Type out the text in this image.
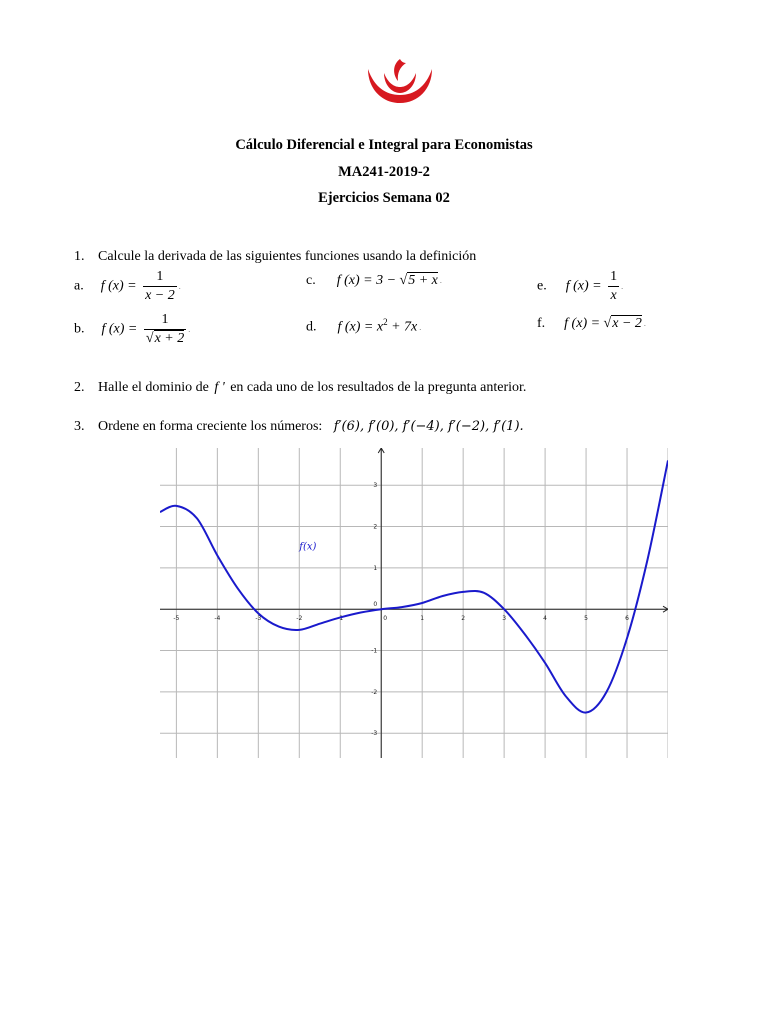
Cálculo Diferencial e Integral para Economistas
MA241-2019-2
Ejercicios Semana 02
1. Calcule la derivada de las siguientes funciones usando la definición
a. f $(x) = \frac{1}{x - 2}$ .
b. f $(x) = \frac{1}{√x + 2}$ .
c. f (x) = 3 − √5 + x .
d. f $(x) = x^2 + 7x$ .
e. f $(x) = \frac{1}{x}$ .
f. f (x) = √x − 2 .
2. Halle el dominio de f ' en cada uno de los resultados de la pregunta anterior.
3. Ordene en forma creciente los números: f′(6), f′(0), f′(−4), f′(−2), f′(1).
-5	-4	-3	-2	-1	0	1	2	3	4	5	6
3
2
1
0
-1
-2
-3
f(x)
